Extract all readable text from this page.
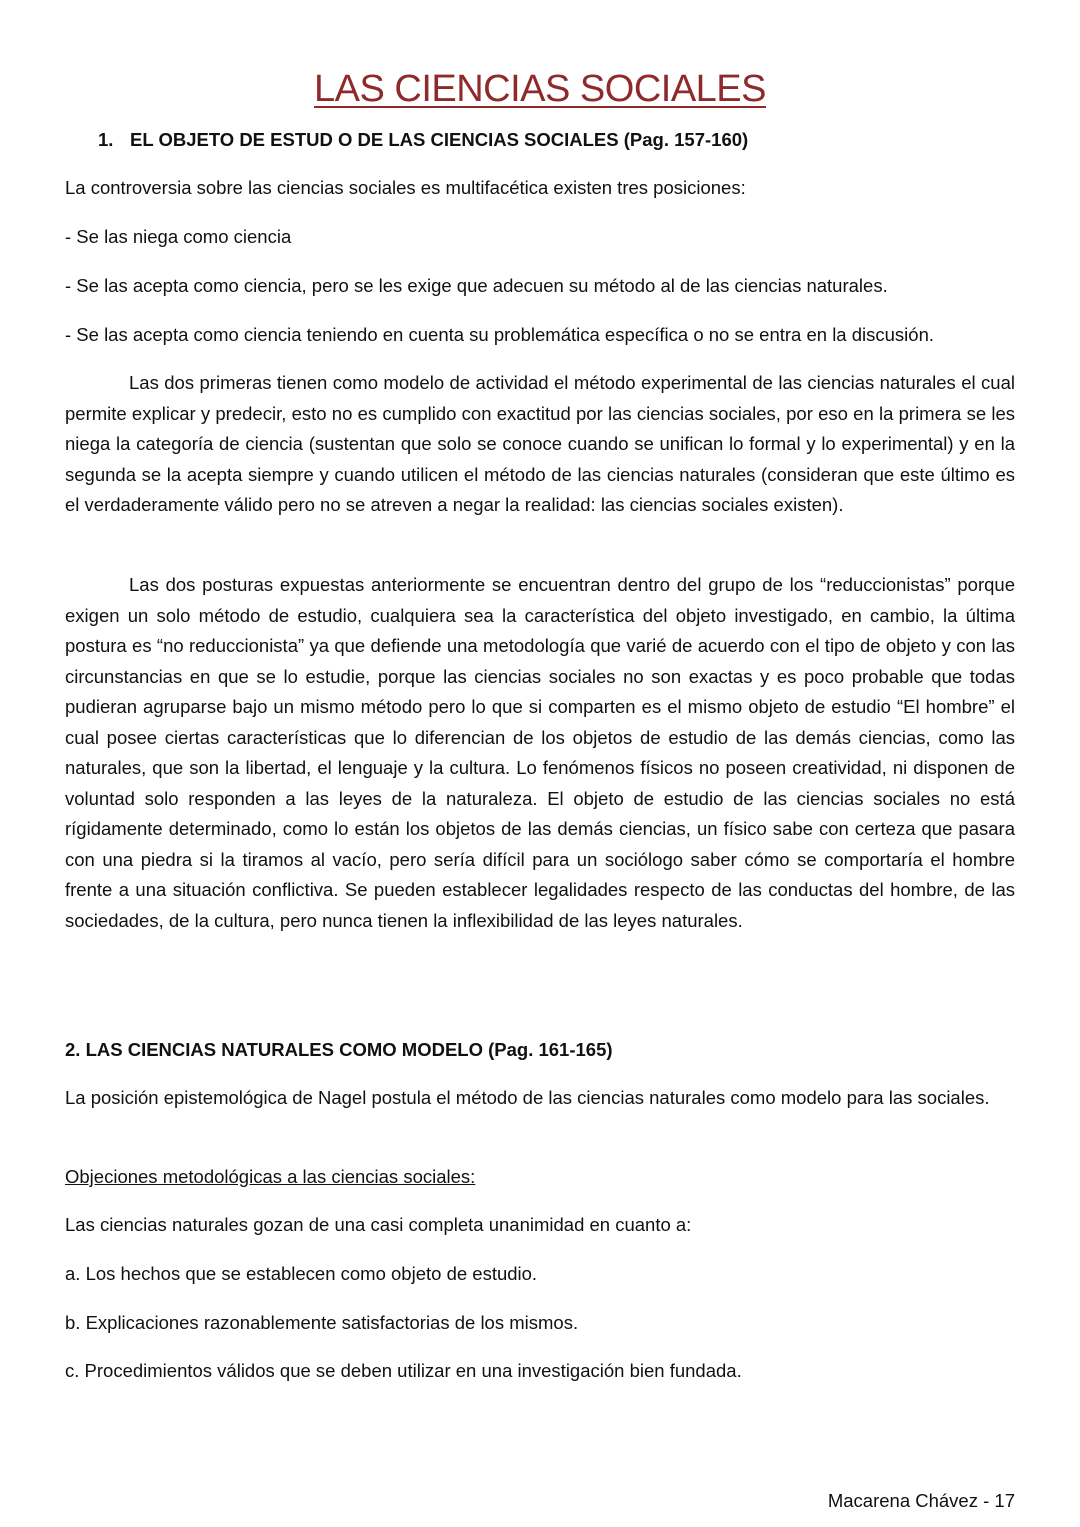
LAS CIENCIAS SOCIALES
1. EL OBJETO DE ESTUD O DE LAS CIENCIAS SOCIALES (Pag. 157-160)
La controversia sobre las ciencias sociales es multifacética existen tres posiciones:
- Se las niega como ciencia
- Se las acepta como ciencia, pero se les exige que adecuen su método al de las ciencias naturales.
- Se las acepta como ciencia teniendo en cuenta su problemática específica o no se entra en la discusión.
Las dos primeras tienen como modelo de actividad el método experimental de las ciencias naturales el cual permite explicar y predecir, esto no es cumplido con exactitud por las ciencias sociales, por eso en la primera se les niega la categoría de ciencia (sustentan que solo se conoce cuando se unifican lo formal y lo experimental) y en la segunda se la acepta siempre y cuando utilicen el método de las ciencias naturales (consideran que este último es el verdaderamente válido pero no se atreven a negar la realidad: las ciencias sociales existen).
Las dos posturas expuestas anteriormente se encuentran dentro del grupo de los “reduccionistas” porque exigen un solo método de estudio, cualquiera sea la característica del objeto investigado, en cambio, la última postura es “no reduccionista” ya que defiende una metodología que varié de acuerdo con el tipo de objeto y con las circunstancias en que se lo estudie, porque las ciencias sociales no son exactas y es poco probable que todas pudieran agruparse bajo un mismo método pero lo que si comparten es el mismo objeto de estudio “El hombre” el cual posee ciertas características que lo diferencian de los objetos de estudio de las demás ciencias, como las naturales, que son la libertad, el lenguaje y la cultura. Lo fenómenos físicos no poseen creatividad, ni disponen de voluntad solo responden a las leyes de la naturaleza. El objeto de estudio de las ciencias sociales no está rígidamente determinado, como lo están los objetos de las demás ciencias, un físico sabe con certeza que pasara con una piedra si la tiramos al vacío, pero sería difícil para un sociólogo saber cómo se comportaría el hombre frente a una situación conflictiva. Se pueden establecer legalidades respecto de las conductas del hombre, de las sociedades, de la cultura, pero nunca tienen la inflexibilidad de las leyes naturales.
2. LAS CIENCIAS NATURALES COMO MODELO (Pag. 161-165)
La posición epistemológica de Nagel postula el método de las ciencias naturales como modelo para las sociales.
Objeciones metodológicas a las ciencias sociales:
Las ciencias naturales gozan de una casi completa unanimidad en cuanto a:
a. Los hechos que se establecen como objeto de estudio.
b. Explicaciones razonablemente satisfactorias de los mismos.
c. Procedimientos válidos que se deben utilizar en una investigación bien fundada.
Macarena Chávez - 17
